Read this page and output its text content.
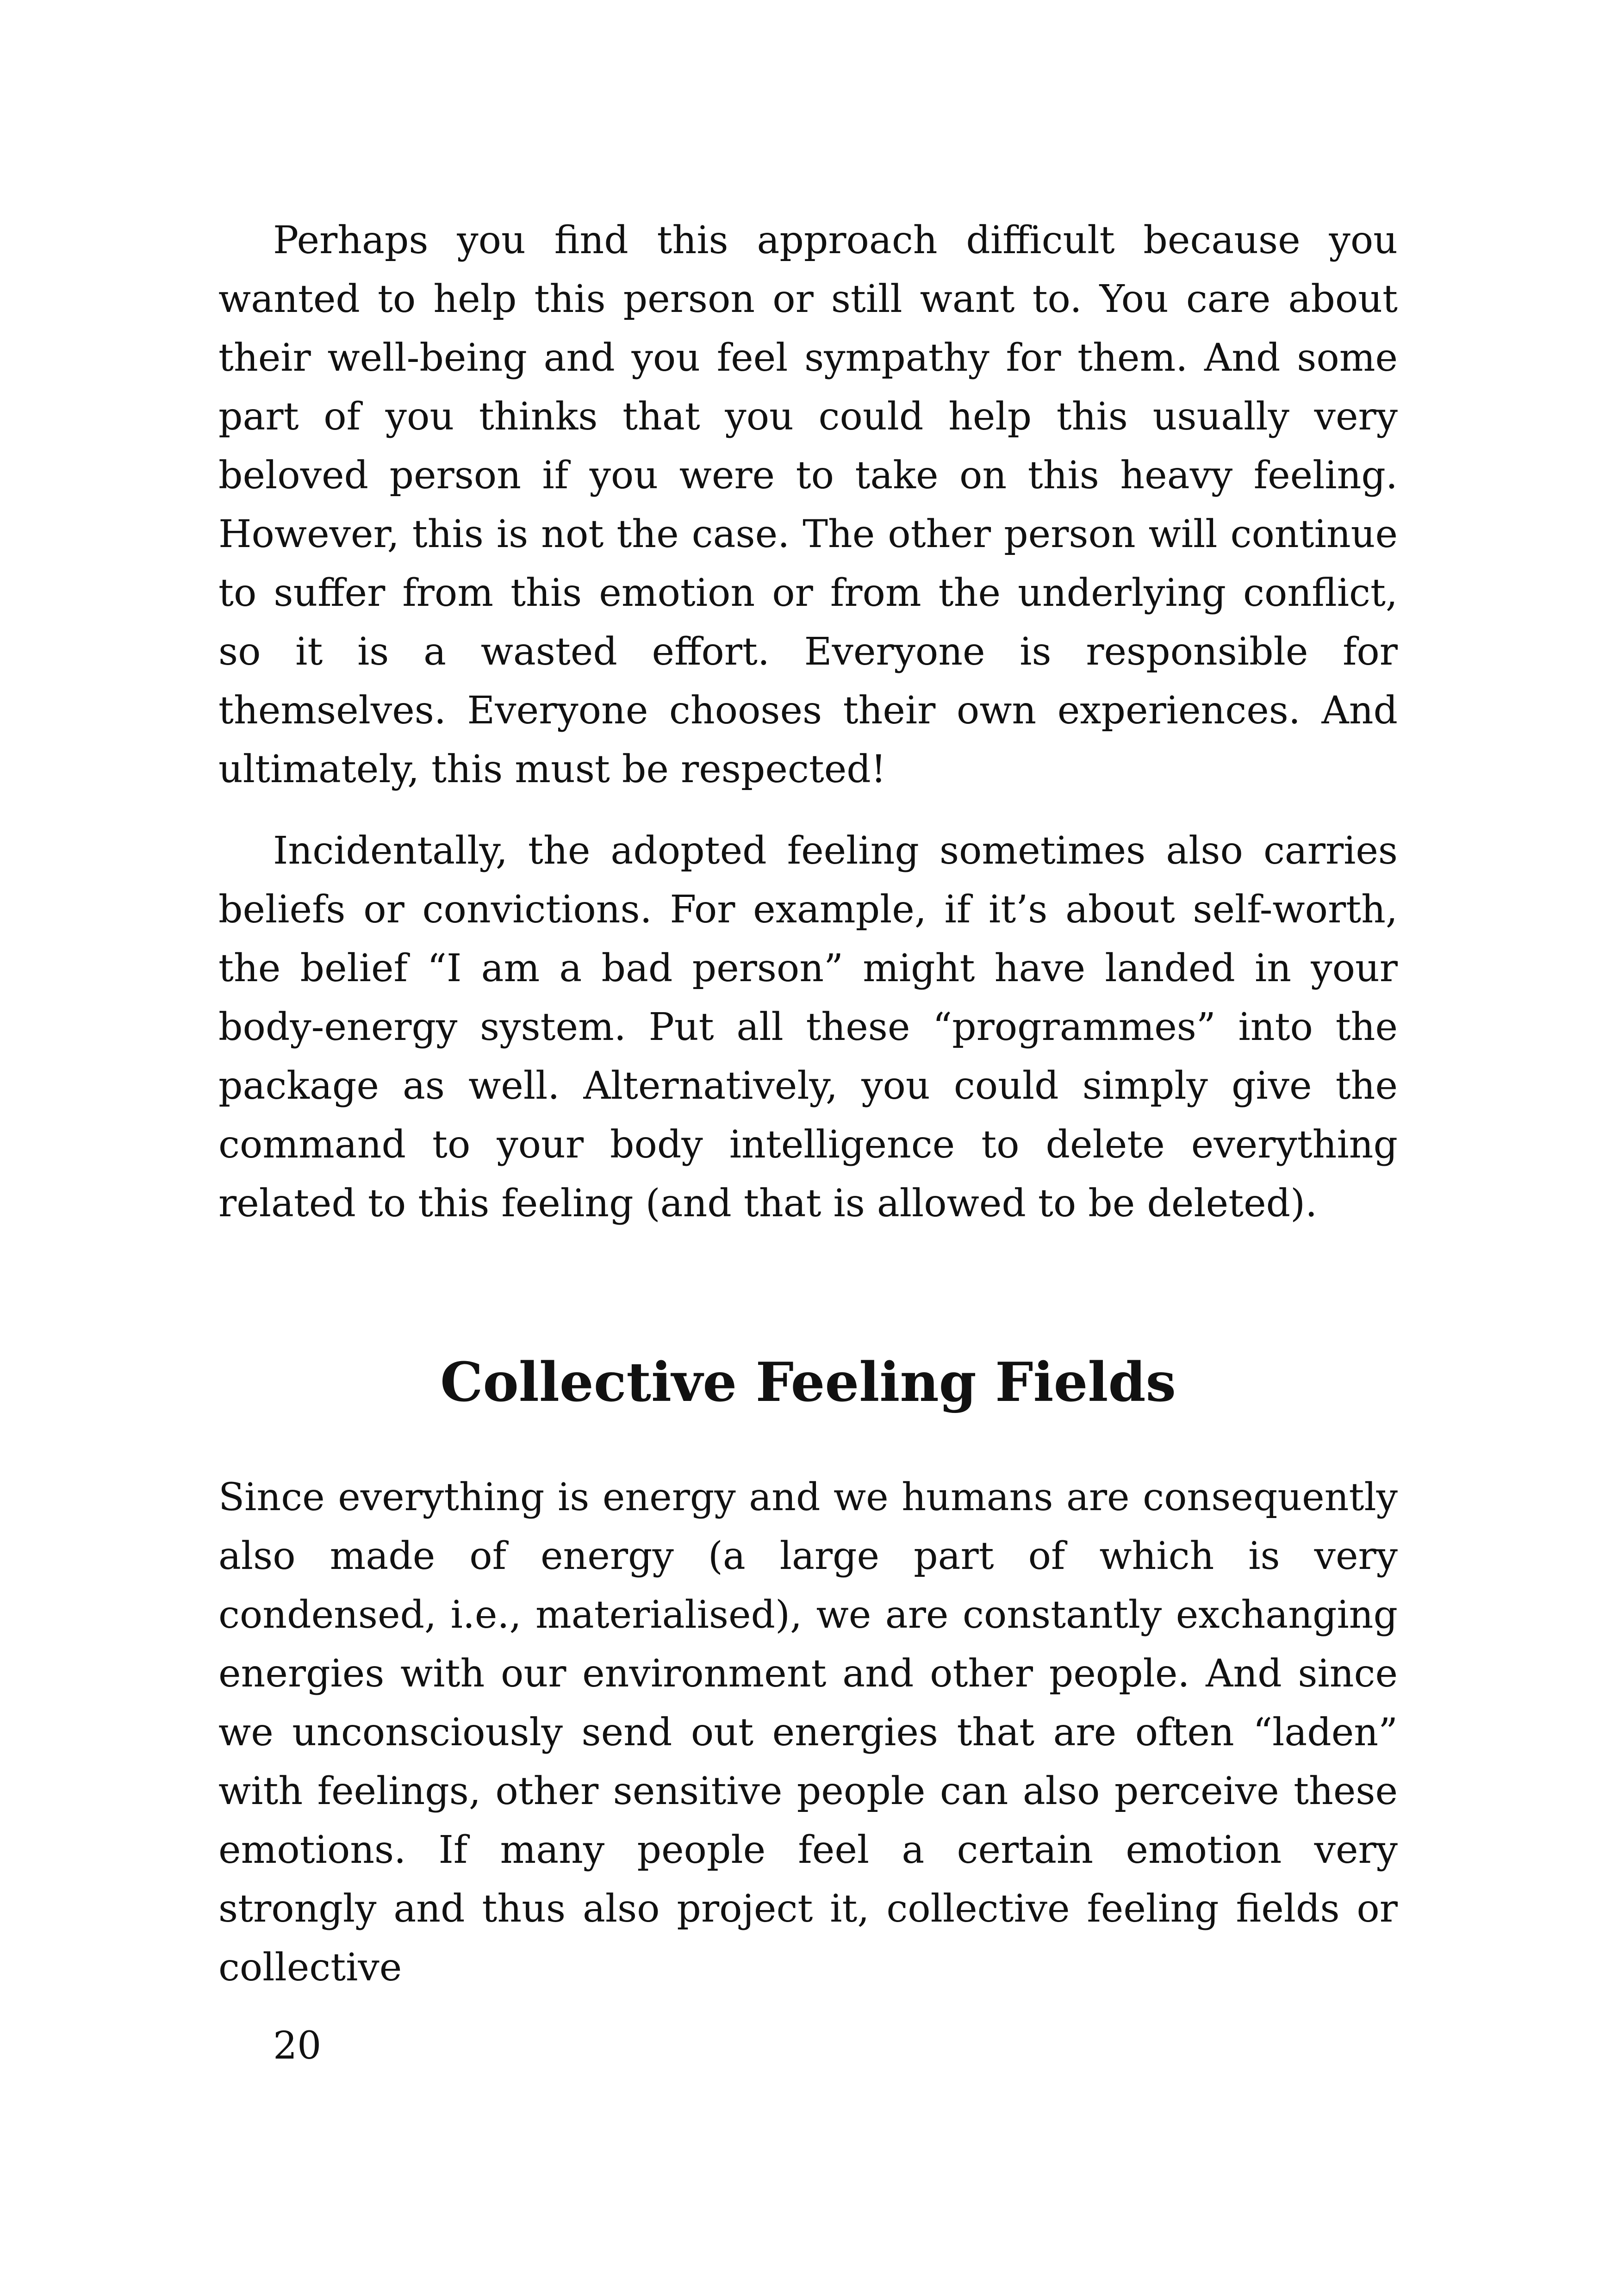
Perhaps you find this approach difficult because you wanted to help this person or still want to. You care about their well-being and you feel sympathy for them. And some part of you thinks that you could help this usually very beloved person if you were to take on this heavy feeling. However, this is not the case. The other person will continue to suffer from this emotion or from the underlying conflict, so it is a wasted effort. Everyone is responsible for themselves. Everyone chooses their own experiences. And ultimately, this must be respected!

Incidentally, the adopted feeling sometimes also carries beliefs or convictions. For example, if it’s about self-worth, the belief “I am a bad person” might have landed in your body-energy system. Put all these “programmes” into the package as well. Alternatively, you could simply give the command to your body intelligence to delete everything related to this feeling (and that is allowed to be deleted).

Collective Feeling Fields

Since everything is energy and we humans are consequently also made of energy (a large part of which is very condensed, i.e., materialised), we are constantly exchanging energies with our environment and other people. And since we unconsciously send out energies that are often “laden” with feelings, other sensitive people can also perceive these emotions. If many people feel a certain emotion very strongly and thus also project it, collective feeling fields or collective

20
